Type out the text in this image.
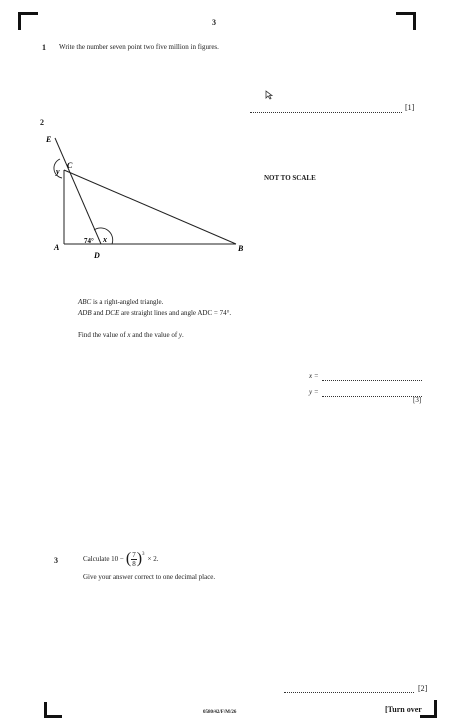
3
1 Write the number seven point two five million in figures.
[1]
2
E
C
y
A
74° x
D
B
NOT TO SCALE
ABC is a right-angled triangle.
ADB and DCE are straight lines and angle ADC = 74°.
Find the value of x and the value of y.
x =
y =
[3]
3	Calculate 10 − ( $\frac{7}{8} )^3$
× 2.
Give your answer correct to one decimal place.
[2]
0580/42/F/M/26	[Turn over
